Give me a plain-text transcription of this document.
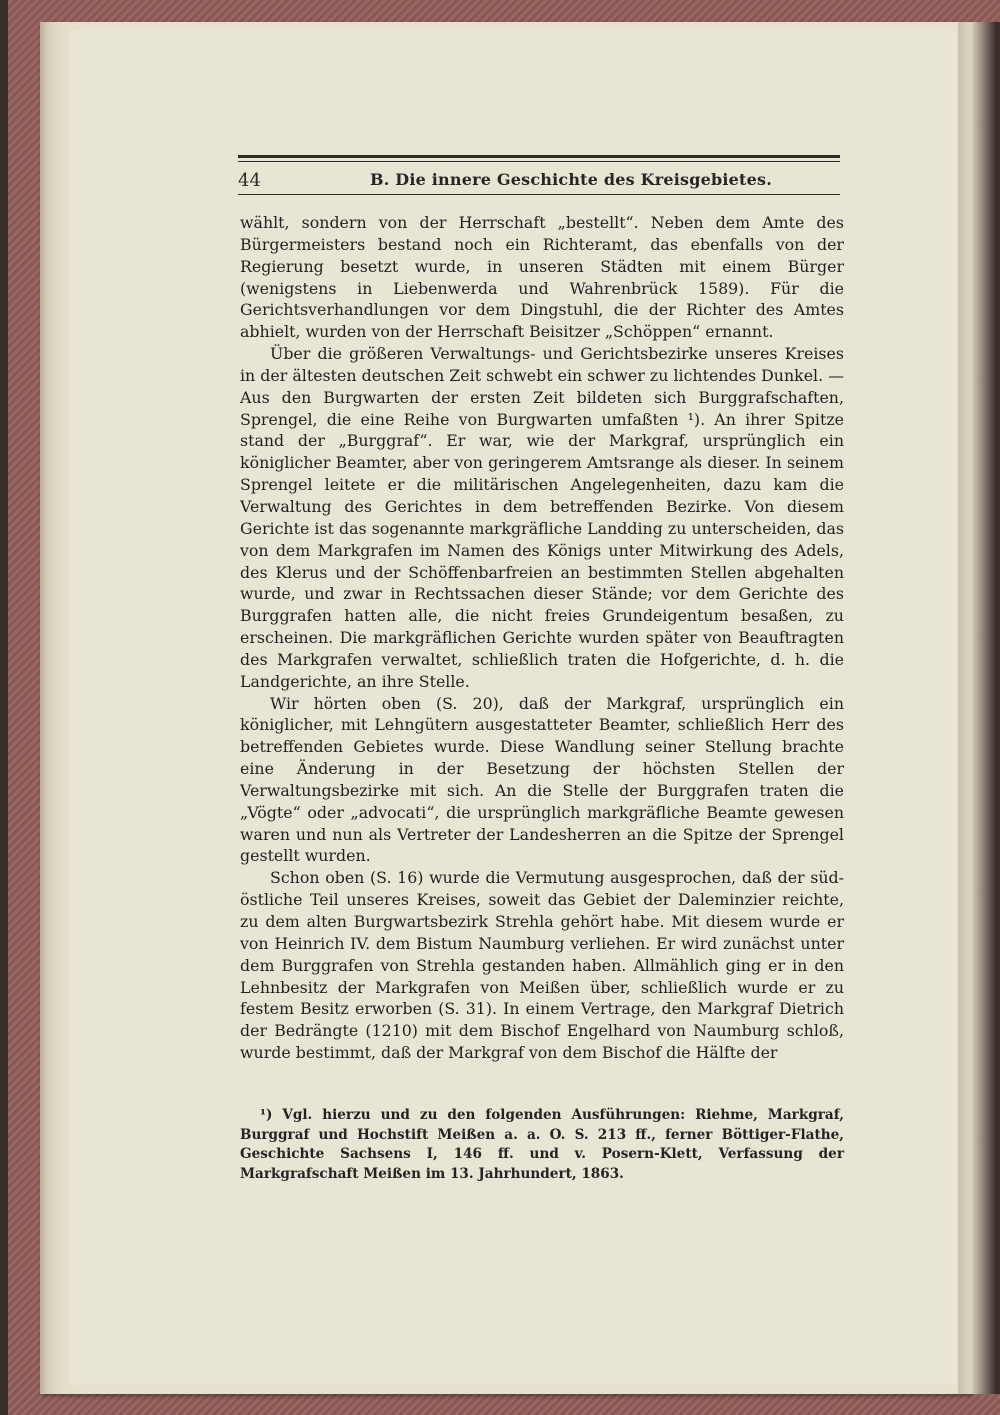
44	B. Die innere Geschichte des Kreisgebietes.

wählt, sondern von der Herrschaft „bestellt“. Neben dem Amte des Bürgermeisters bestand noch ein Richteramt, das ebenfalls von der Regierung besetzt wurde, in unseren Städten mit einem Bürger (wenigstens in Liebenwerda und Wahrenbrück 1589). Für die Gerichtsverhandlungen vor dem Dingstuhl, die der Richter des Amtes abhielt, wurden von der Herrschaft Beisitzer „Schöppen“ ernannt.

Über die größeren Verwaltungs- und Gerichtsbezirke unseres Kreises in der ältesten deutschen Zeit schwebt ein schwer zu lichtendes Dunkel. — Aus den Burgwarten der ersten Zeit bildeten sich Burggrafschaften, Sprengel, die eine Reihe von Burgwarten umfaßten ¹). An ihrer Spitze stand der „Burggraf“. Er war, wie der Markgraf, ursprünglich ein königlicher Beamter, aber von geringerem Amtsrange als dieser. In seinem Sprengel leitete er die militärischen Angelegenheiten, dazu kam die Verwaltung des Gerichtes in dem betreffenden Bezirke. Von diesem Gerichte ist das sogenannte markgräfliche Landding zu unterscheiden, das von dem Markgrafen im Namen des Königs unter Mitwirkung des Adels, des Klerus und der Schöffenbarfreien an bestimmten Stellen abgehalten wurde, und zwar in Rechtssachen dieser Stände; vor dem Gerichte des Burggrafen hatten alle, die nicht freies Grundeigentum besaßen, zu erscheinen. Die markgräflichen Gerichte wurden später von Beauftragten des Markgrafen verwaltet, schließlich traten die Hofgerichte, d. h. die Landgerichte, an ihre Stelle.

Wir hörten oben (S. 20), daß der Markgraf, ursprünglich ein königlicher, mit Lehngütern ausgestatteter Beamter, schließlich Herr des betreffenden Gebietes wurde. Diese Wandlung seiner Stellung brachte eine Änderung in der Besetzung der höchsten Stellen der Verwaltungsbezirke mit sich. An die Stelle der Burggrafen traten die „Vögte“ oder „advocati“, die ursprünglich markgräfliche Beamte gewesen waren und nun als Vertreter der Landesherren an die Spitze der Sprengel gestellt wurden.

Schon oben (S. 16) wurde die Vermutung ausgesprochen, daß der süd-östliche Teil unseres Kreises, soweit das Gebiet der Daleminzier reichte, zu dem alten Burgwartsbezirk Strehla gehört habe. Mit diesem wurde er von Heinrich IV. dem Bistum Naumburg verliehen. Er wird zunächst unter dem Burggrafen von Strehla gestanden haben. Allmählich ging er in den Lehnbesitz der Markgrafen von Meißen über, schließlich wurde er zu festem Besitz erworben (S. 31). In einem Vertrage, den Markgraf Dietrich der Bedrängte (1210) mit dem Bischof Engelhard von Naumburg schloß, wurde bestimmt, daß der Markgraf von dem Bischof die Hälfte der

¹) Vgl. hierzu und zu den folgenden Ausführungen: Riehme, Markgraf, Burggraf und Hochstift Meißen a. a. O. S. 213 ff., ferner Böttiger-Flathe, Geschichte Sachsens I, 146 ff. und v. Posern-Klett, Verfassung der Markgrafschaft Meißen im 13. Jahrhundert, 1863.
